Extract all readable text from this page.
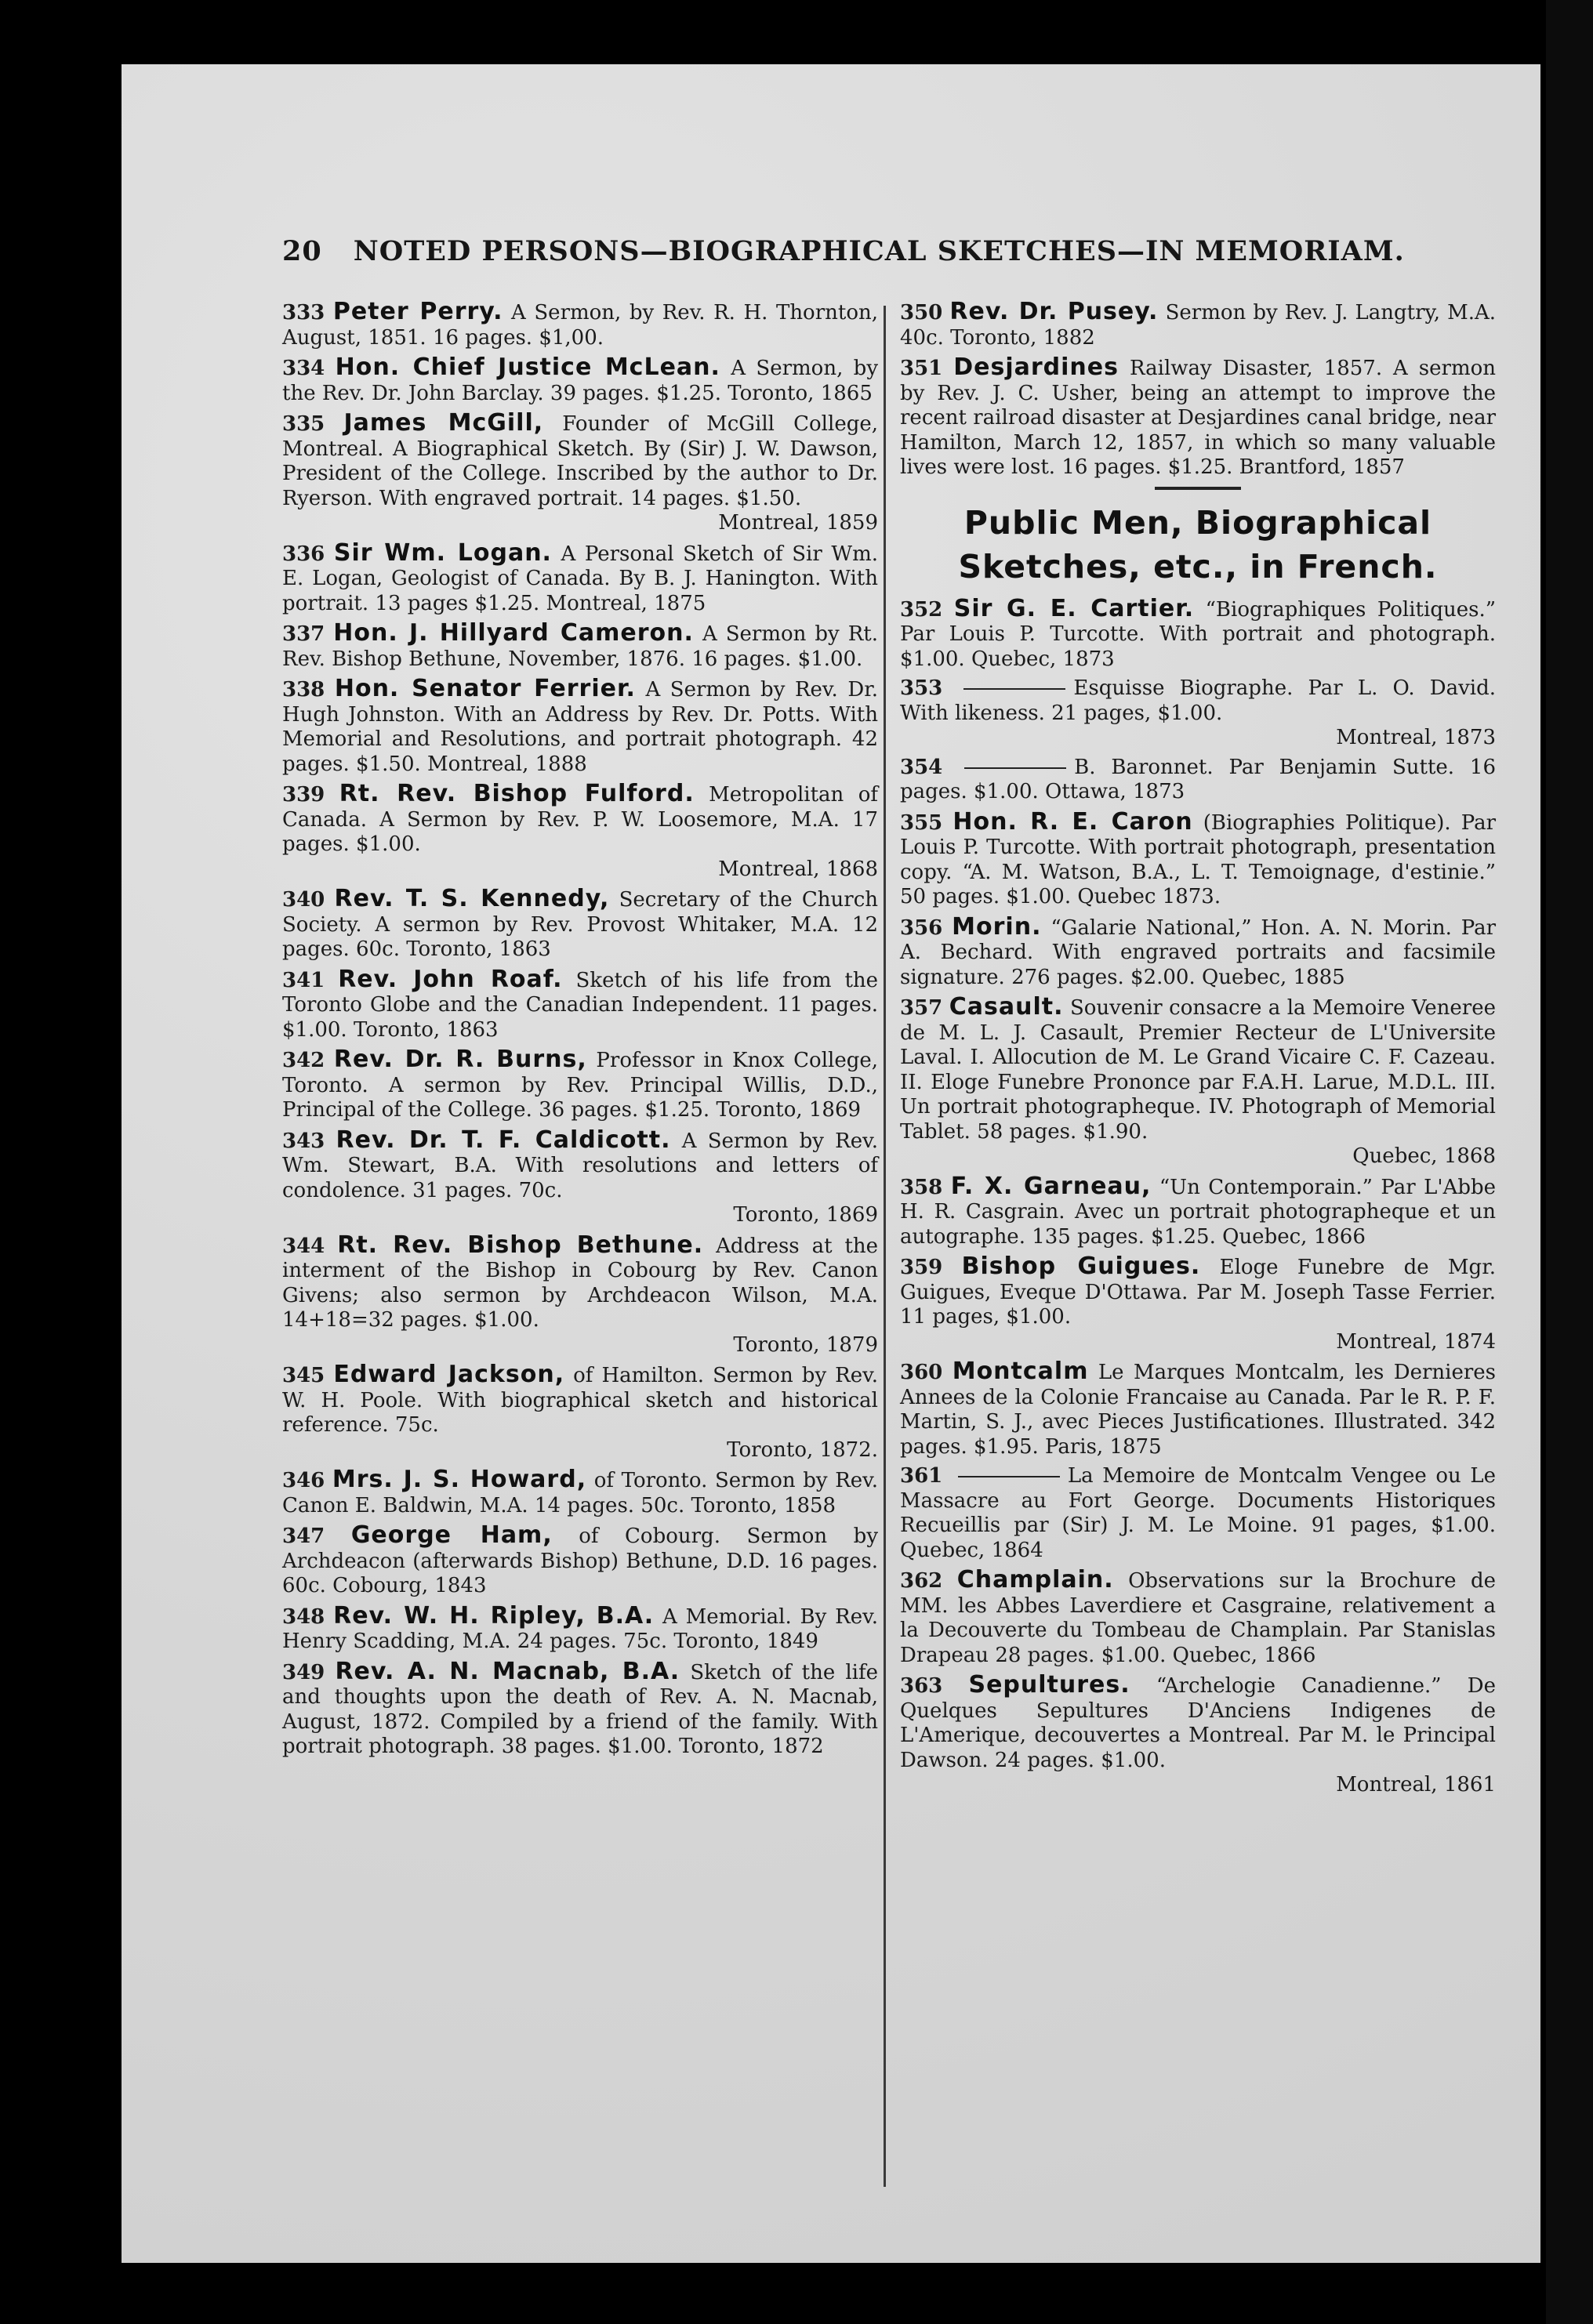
20 NOTED PERSONS—BIOGRAPHICAL SKETCHES—IN MEMORIAM.

333 Peter Perry. A Sermon, by Rev. R. H. Thornton, August, 1851. 16 pages. $1,00.

334 Hon. Chief Justice McLean. A Sermon, by the Rev. Dr. John Barclay. 39 pages. $1.25. Toronto, 1865

335 James McGill, Founder of McGill College, Montreal. A Biographical Sketch. By (Sir) J. W. Dawson, President of the College. Inscribed by the author to Dr. Ryerson. With engraved portrait. 14 pages. $1.50.
Montreal, 1859

336 Sir Wm. Logan. A Personal Sketch of Sir Wm. E. Logan, Geologist of Canada. By B. J. Hanington. With portrait. 13 pages $1.25. Montreal, 1875

337 Hon. J. Hillyard Cameron. A Sermon by Rt. Rev. Bishop Bethune, November, 1876. 16 pages. $1.00.

338 Hon. Senator Ferrier. A Sermon by Rev. Dr. Hugh Johnston. With an Address by Rev. Dr. Potts. With Memorial and Resolutions, and portrait photograph. 42 pages. $1.50. Montreal, 1888

339 Rt. Rev. Bishop Fulford. Metropolitan of Canada. A Sermon by Rev. P. W. Loosemore, M.A. 17 pages. $1.00.
Montreal, 1868

340 Rev. T. S. Kennedy, Secretary of the Church Society. A sermon by Rev. Provost Whitaker, M.A. 12 pages. 60c. Toronto, 1863

341 Rev. John Roaf. Sketch of his life from the Toronto Globe and the Canadian Independent. 11 pages. $1.00. Toronto, 1863

342 Rev. Dr. R. Burns, Professor in Knox College, Toronto. A sermon by Rev. Principal Willis, D.D., Principal of the College. 36 pages. $1.25. Toronto, 1869

343 Rev. Dr. T. F. Caldicott. A Sermon by Rev. Wm. Stewart, B.A. With resolutions and letters of condolence. 31 pages. 70c.
Toronto, 1869

344 Rt. Rev. Bishop Bethune. Address at the interment of the Bishop in Cobourg by Rev. Canon Givens; also sermon by Archdeacon Wilson, M.A. 14+18=32 pages. $1.00.
Toronto, 1879

345 Edward Jackson, of Hamilton. Sermon by Rev. W. H. Poole. With biographical sketch and historical reference. 75c.
Toronto, 1872.

346 Mrs. J. S. Howard, of Toronto. Sermon by Rev. Canon E. Baldwin, M.A. 14 pages. 50c. Toronto, 1858

347 George Ham, of Cobourg. Sermon by Archdeacon (afterwards Bishop) Bethune, D.D. 16 pages. 60c. Cobourg, 1843

348 Rev. W. H. Ripley, B.A. A Memorial. By Rev. Henry Scadding, M.A. 24 pages. 75c. Toronto, 1849

349 Rev. A. N. Macnab, B.A. Sketch of the life and thoughts upon the death of Rev. A. N. Macnab, August, 1872. Compiled by a friend of the family. With portrait photograph. 38 pages. $1.00. Toronto, 1872

350 Rev. Dr. Pusey. Sermon by Rev. J. Langtry, M.A. 40c. Toronto, 1882

351 Desjardines Railway Disaster, 1857. A sermon by Rev. J. C. Usher, being an attempt to improve the recent railroad disaster at Desjardines canal bridge, near Hamilton, March 12, 1857, in which so many valuable lives were lost. 16 pages. $1.25. Brantford, 1857

Public Men, Biographical Sketches, etc., in French.

352 Sir G. E. Cartier. “Biographiques Politiques.” Par Louis P. Turcotte. With portrait and photograph. $1.00. Quebec, 1873

353	Esquisse Biographe. Par L. O. David. With likeness. 21 pages, $1.00.
Montreal, 1873

354	B. Baronnet. Par Benjamin Sutte. 16 pages. $1.00. Ottawa, 1873

355 Hon. R. E. Caron (Biographies Politique). Par Louis P. Turcotte. With portrait photograph, presentation copy. “A. M. Watson, B.A., L. T. Temoignage, d'estinie.” 50 pages. $1.00. Quebec 1873.

356 Morin. “Galarie National,” Hon. A. N. Morin. Par A. Bechard. With engraved portraits and facsimile signature. 276 pages. $2.00. Quebec, 1885

357 Casault. Souvenir consacre a la Memoire Veneree de M. L. J. Casault, Premier Recteur de L'Universite Laval. I. Allocution de M. Le Grand Vicaire C. F. Cazeau. II. Eloge Funebre Prononce par F.A.H. Larue, M.D.L. III. Un portrait photographeque. IV. Photograph of Memorial Tablet. 58 pages. $1.90.
Quebec, 1868

358 F. X. Garneau, “Un Contemporain.” Par L'Abbe H. R. Casgrain. Avec un portrait photographeque et un autographe. 135 pages. $1.25. Quebec, 1866

359 Bishop Guigues. Eloge Funebre de Mgr. Guigues, Eveque D'Ottawa. Par M. Joseph Tasse Ferrier. 11 pages, $1.00.
Montreal, 1874

360 Montcalm Le Marques Montcalm, les Dernieres Annees de la Colonie Francaise au Canada. Par le R. P. F. Martin, S. J., avec Pieces Justificationes. Illustrated. 342 pages. $1.95. Paris, 1875

361	La Memoire de Montcalm Vengee ou Le Massacre au Fort George. Documents Historiques Recueillis par (Sir) J. M. Le Moine. 91 pages, $1.00. Quebec, 1864

362 Champlain. Observations sur la Brochure de MM. les Abbes Laverdiere et Casgraine, relativement a la Decouverte du Tombeau de Champlain. Par Stanislas Drapeau 28 pages. $1.00. Quebec, 1866

363 Sepultures. “Archelogie Canadienne.” De Quelques Sepultures D'Anciens Indigenes de L'Amerique, decouvertes a Montreal. Par M. le Principal Dawson. 24 pages. $1.00.
Montreal, 1861
